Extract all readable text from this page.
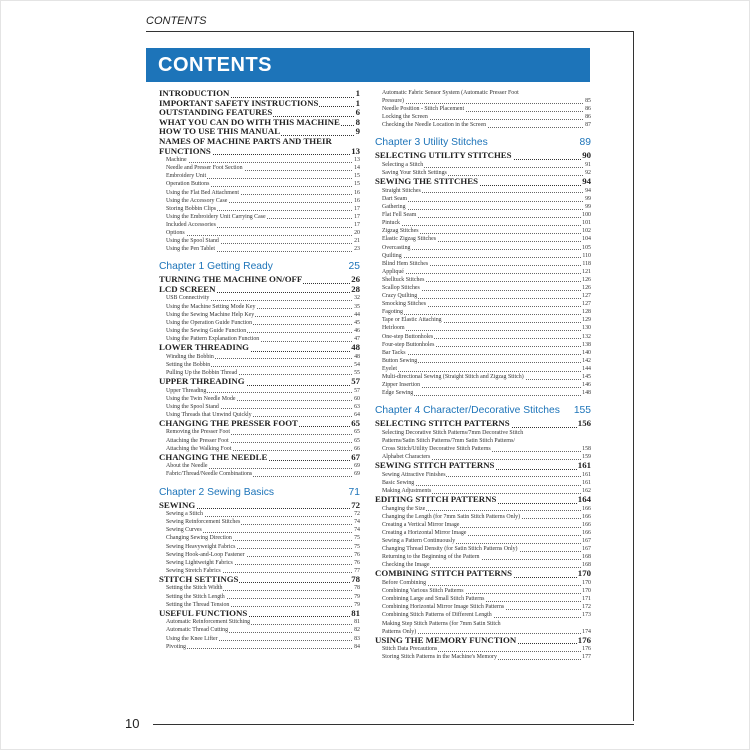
CONTENTS
CONTENTS
INTRODUCTION	1
IMPORTANT SAFETY INSTRUCTIONS	1
OUTSTANDING FEATURES	6
WHAT YOU CAN DO WITH THIS MACHINE 8
HOW TO USE THIS MANUAL	9
NAMES OF MACHINE PARTS AND THEIR
FUNCTIONS	13
Machine	13
Needle and Presser Foot Section	14
Embroidery Unit	15
Operation Buttons	15
Using the Flat Bed Attachment	16
Using the Accessory Case	16
Storing Bobbin Clips	17
Using the Embroidery Unit Carrying Case	17
Included Accessories	17
Options	20
Using the Spool Stand	21
Using the Pen Tablet	23
Chapter 1 Getting Ready	25
TURNING THE MACHINE ON/OFF	26
LCD SCREEN	28
USB Connectivity	32
Using the Machine Setting Mode Key	35
Using the Sewing Machine Help Key	44
Using the Operation Guide Function	45
Using the Sewing Guide Function	46
Using the Pattern Explanation Function	47
LOWER THREADING	48
Winding the Bobbin	48
Setting the Bobbin	54
Pulling Up the Bobbin Thread	55
UPPER THREADING	57
Upper Threading	57
Using the Twin Needle Mode	60
Using the Spool Stand	63
Using Threads that Unwind Quickly	64
CHANGING THE PRESSER FOOT	65
Removing the Presser Foot	65
Attaching the Presser Foot	65
Attaching the Walking Foot	66
CHANGING THE NEEDLE	67
About the Needle	69
Fabric/Thread/Needle Combinations	69
Chapter 2 Sewing Basics	71
SEWING	72
Sewing a Stitch	72
Sewing Reinforcement Stitches	74
Sewing Curves	74
Changing Sewing Direction	75
Sewing Heavyweight Fabrics	75
Sewing Hook-and-Loop Fastener	76
Sewing Lightweight Fabrics	76
Sewing Stretch Fabrics	77
STITCH SETTINGS	78
Setting the Stitch Width	78
Setting the Stitch Length	79
Setting the Thread Tension	79
USEFUL FUNCTIONS	81
Automatic Reinforcement Stitching	81
Automatic Thread Cutting	82
Using the Knee Lifter	83
Pivoting	84
Automatic Fabric Sensor System (Automatic Presser Foot
Pressure)	85
Needle Position - Stitch Placement	86
Locking the Screen	86
Checking the Needle Location in the Screen	87
Chapter 3 Utility Stitches	89
SELECTING UTILITY STITCHES	90
Selecting a Stitch	91
Saving Your Stitch Settings	92
SEWING THE STITCHES	94
Straight Stitches	94
Dart Seam	99
Gathering	99
Flat Fell Seam	100
Pintuck	101
Zigzag Stitches	102
Elastic Zigzag Stitches	104
Overcasting	105
Quilting	110
Blind Hem Stitches	118
Appliqué	121
Shelltuck Stitches	126
Scallop Stitches	126
Crazy Quilting	127
Smocking Stitches	127
Fagoting	128
Tape or Elastic Attaching	129
Heirloom	130
One-step Buttonholes	132
Four-step Buttonholes	138
Bar Tacks	140
Button Sewing	142
Eyelet	144
Multi-directional Sewing (Straight Stitch and Zigzag Stitch)	145
Zipper Insertion	146
Edge Sewing	148
Chapter 4 Character/Decorative Stitches 155
SELECTING STITCH PATTERNS	156
Selecting Decorative Stitch Patterns/7mm Decorative Stitch
Patterns/Satin Stitch Patterns/7mm Satin Stitch Patterns/
Cross Stitch/Utility Decorative Stitch Patterns	158
Alphabet Characters	159
SEWING STITCH PATTERNS	161
Sewing Attractive Finishes	161
Basic Sewing	161
Making Adjustments	162
EDITING STITCH PATTERNS	164
Changing the Size	166
Changing the Length (for 7mm Satin Stitch Patterns Only)	166
Creating a Vertical Mirror Image	166
Creating a Horizontal Mirror Image	166
Sewing a Pattern Continuously	167
Changing Thread Density (for Satin Stitch Patterns Only)	167
Returning to the Beginning of the Pattern	168
Checking the Image	168
COMBINING STITCH PATTERNS	170
Before Combining	170
Combining Various Stitch Patterns	170
Combining Large and Small Stitch Patterns	171
Combining Horizontal Mirror Image Stitch Patterns	172
Combining Stitch Patterns of Different Length	173
Making Step Stitch Patterns (for 7mm Satin Stitch
Patterns Only)	174
USING THE MEMORY FUNCTION	176
Stitch Data Precautions	176
Storing Stitch Patterns in the Machine's Memory	177
10
